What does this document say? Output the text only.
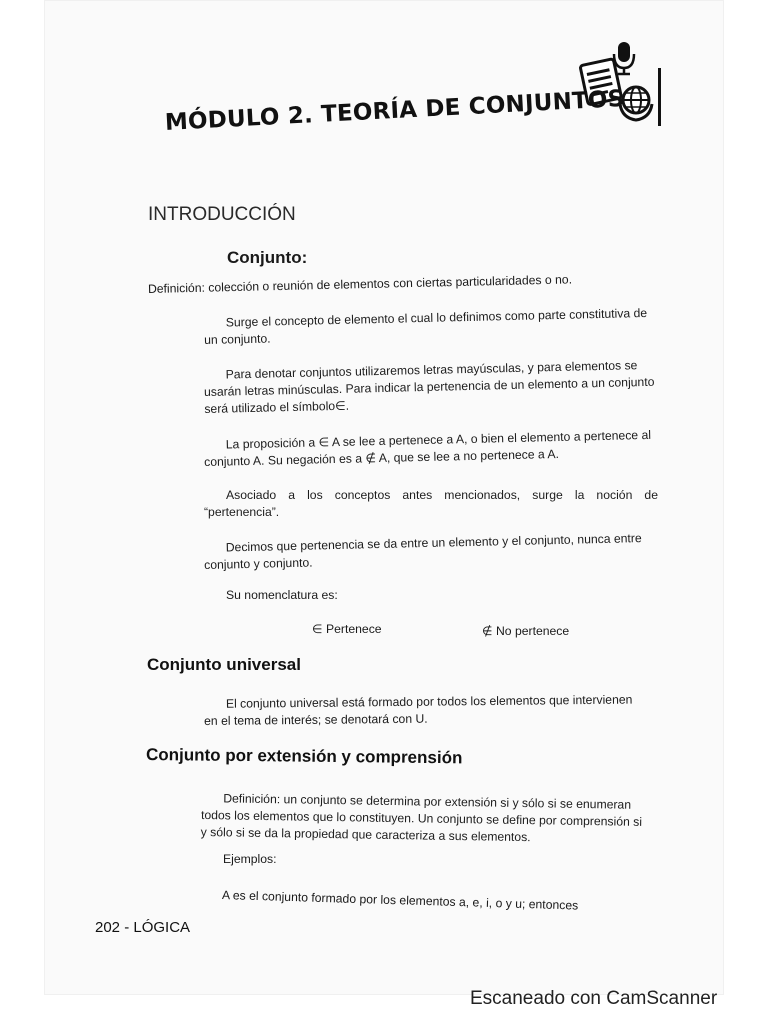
MÓDULO 2. TEORÍA DE CONJUNTOS
INTRODUCCIÓN
Conjunto:
Definición: colección o reunión de elementos con ciertas particularidades o no.
Surge el concepto de elemento el cual lo definimos como parte constitutiva de
un conjunto.
Para denotar conjuntos utilizaremos letras mayúsculas, y para elementos se
usarán letras minúsculas. Para indicar la pertenencia de un elemento a un conjunto
será utilizado el símbolo∈.
La proposición a ∈ A se lee a pertenece a A, o bien el elemento a pertenece al
conjunto A. Su negación es a ∉ A, que se lee a no pertenece a A.
Asociado a los conceptos antes mencionados, surge la noción de
“pertenencia”.
Decimos que pertenencia se da entre un elemento y el conjunto, nunca entre
conjunto y conjunto.
Su nomenclatura es:
∈ Pertenece	∉ No pertenece
Conjunto universal
El conjunto universal está formado por todos los elementos que intervienen
en el tema de interés; se denotará con U.
Conjunto por extensión y comprensión
Definición: un conjunto se determina por extensión si y sólo si se enumeran
todos los elementos que lo constituyen. Un conjunto se define por comprensión si
y sólo si se da la propiedad que caracteriza a sus elementos.
Ejemplos:
A es el conjunto formado por los elementos a, e, i, o y u; entonces
202 - LÓGICA
Escaneado con CamScanner
